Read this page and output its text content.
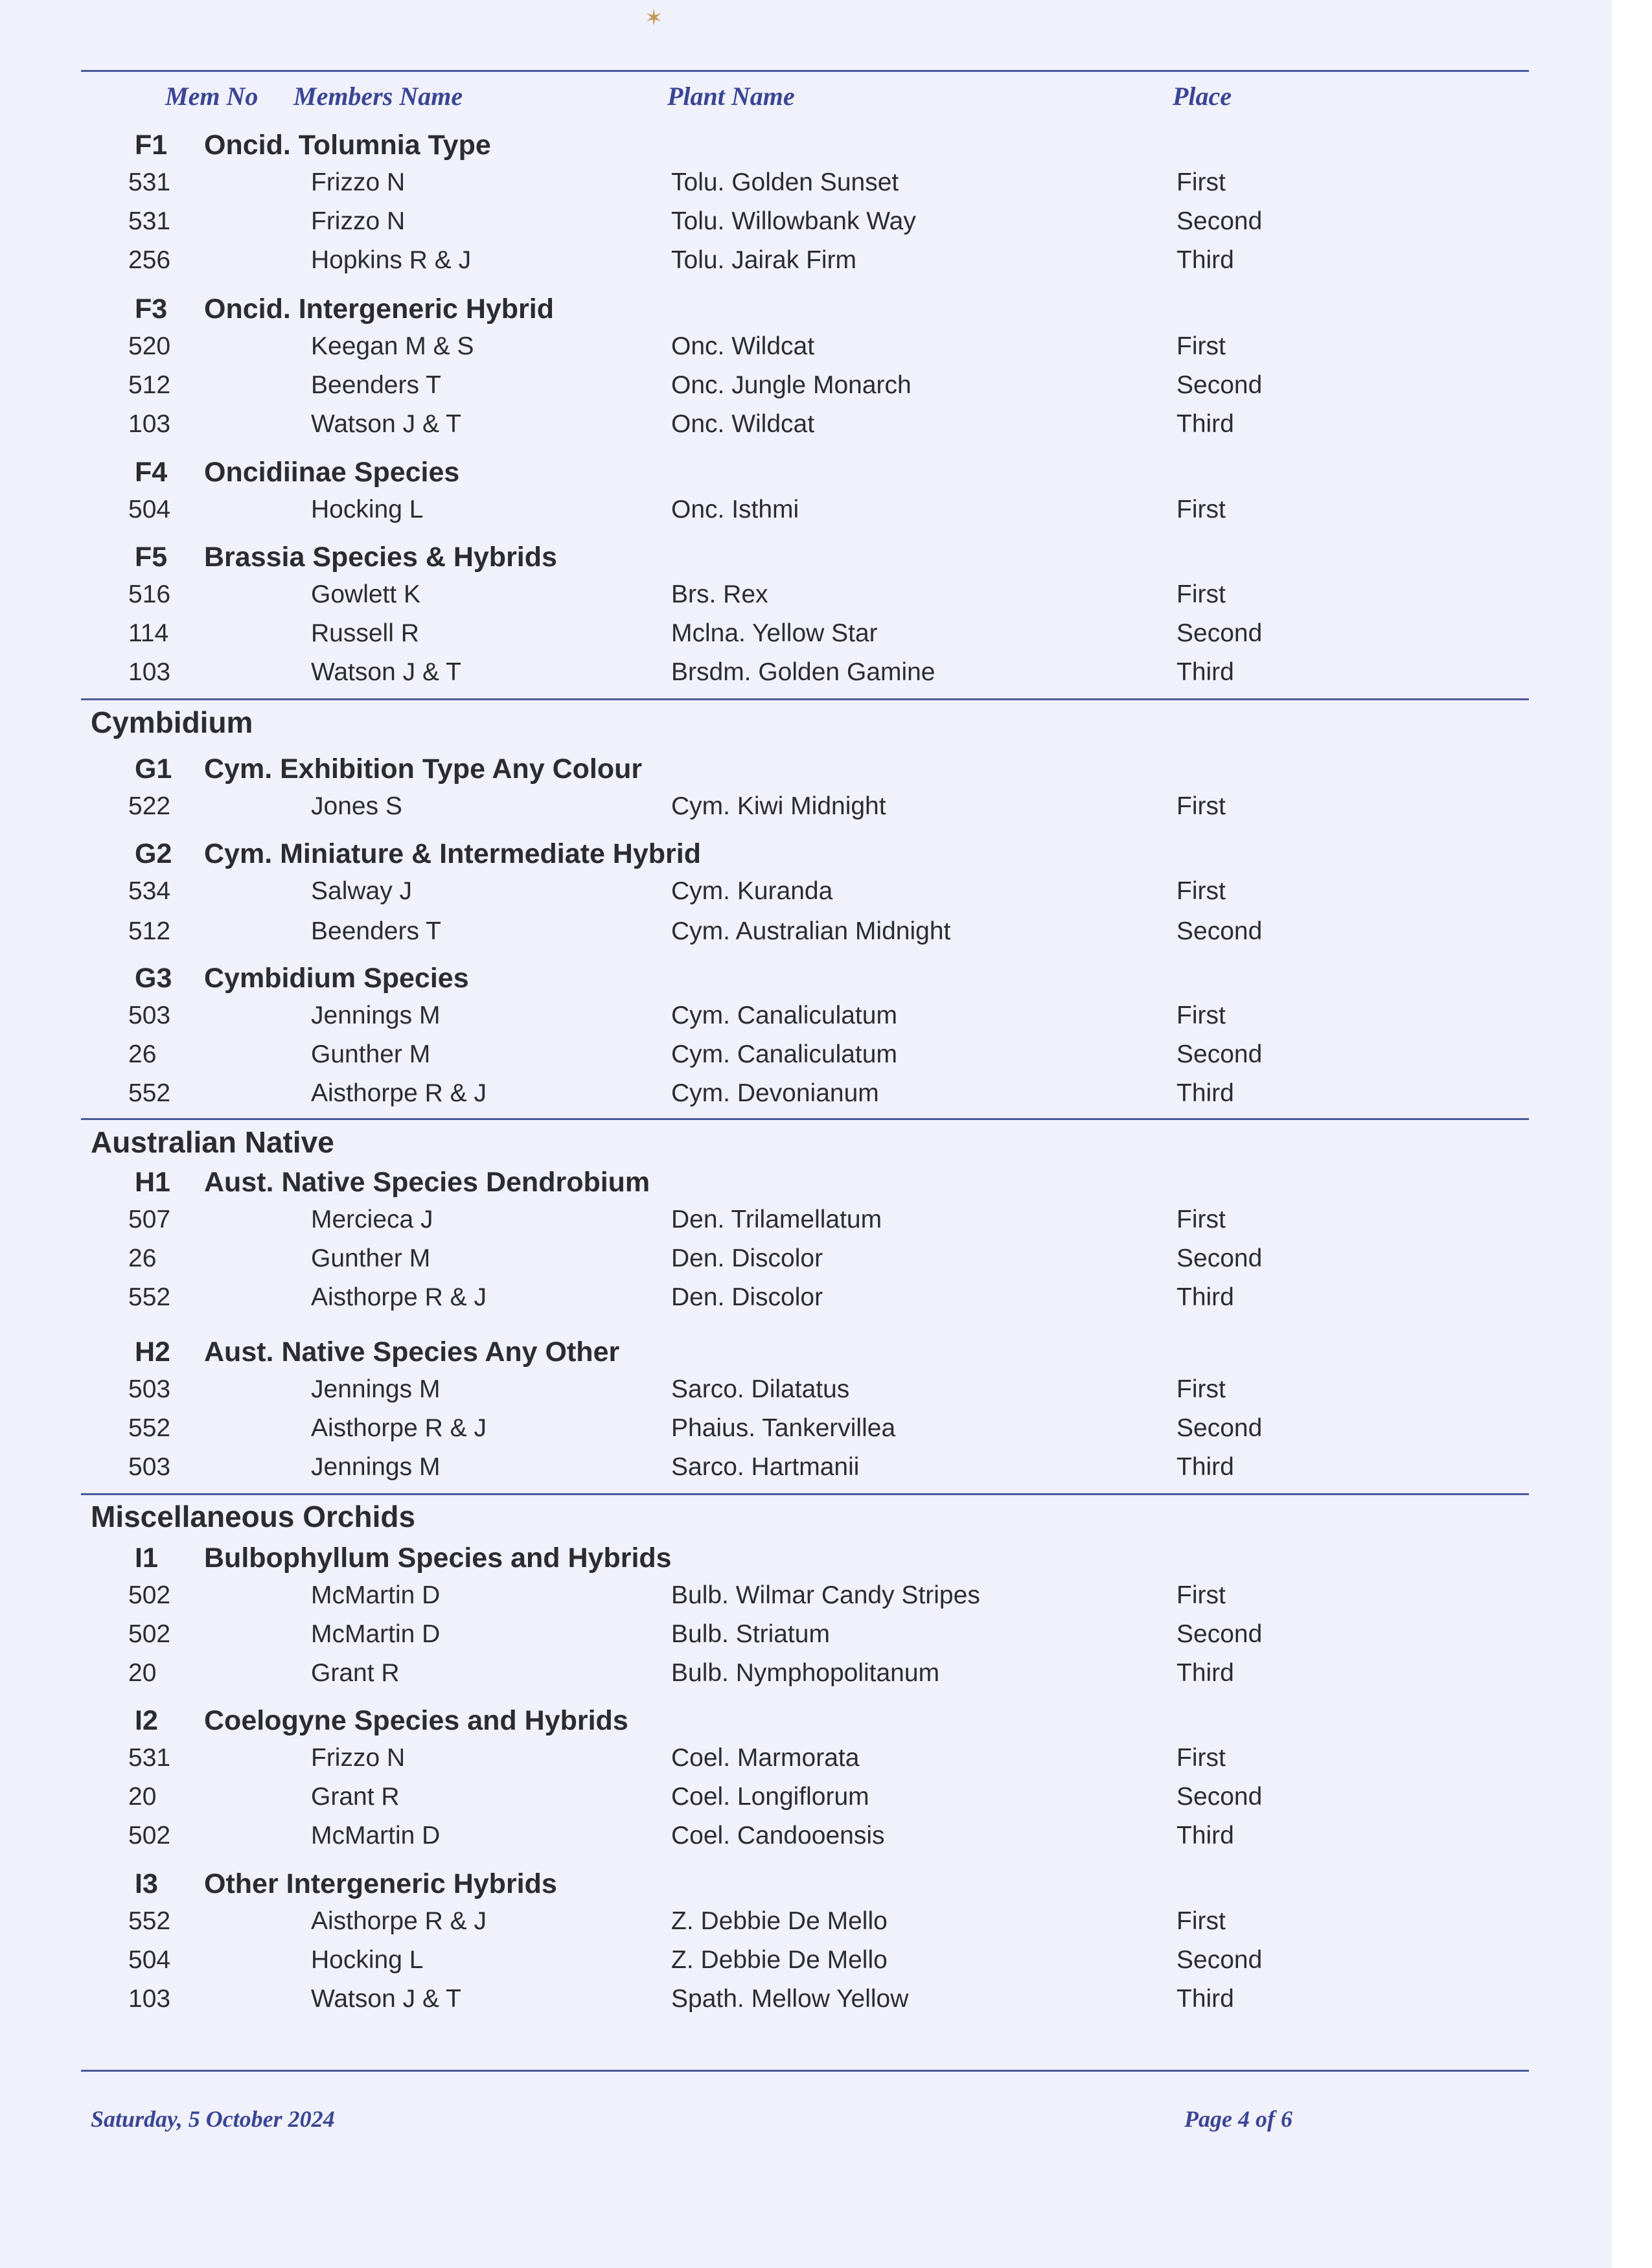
✶
Mem No Members Name	Plant Name	Place
F1 Oncid. Tolumnia Type
531	Frizzo N	Tolu. Golden Sunset	First
531	Frizzo N	Tolu. Willowbank Way	Second
256	Hopkins R & J	Tolu. Jairak Firm	Third
F3 Oncid. Intergeneric Hybrid
520	Keegan M & S	Onc. Wildcat	First
512	Beenders T	Onc. Jungle Monarch	Second
103	Watson J & T	Onc. Wildcat	Third
F4 Oncidiinae Species
504	Hocking L	Onc. Isthmi	First
F5 Brassia Species & Hybrids
516	Gowlett K	Brs. Rex	First
114	Russell R	Mclna. Yellow Star	Second
103	Watson J & T	Brsdm. Golden Gamine	Third
Cymbidium
G1 Cym. Exhibition Type Any Colour
522	Jones S	Cym. Kiwi Midnight	First
G2 Cym. Miniature & Intermediate Hybrid
534	Salway J	Cym. Kuranda	First
512	Beenders T	Cym. Australian Midnight	Second
G3 Cymbidium Species
503	Jennings M	Cym. Canaliculatum	First
26	Gunther M	Cym. Canaliculatum	Second
552	Aisthorpe R & J	Cym. Devonianum	Third
Australian Native
H1 Aust. Native Species Dendrobium
507	Mercieca J	Den. Trilamellatum	First
26	Gunther M	Den. Discolor	Second
552	Aisthorpe R & J	Den. Discolor	Third
H2 Aust. Native Species Any Other
503	Jennings M	Sarco. Dilatatus	First
552	Aisthorpe R & J	Phaius. Tankervillea	Second
503	Jennings M	Sarco. Hartmanii	Third
Miscellaneous Orchids
I1 Bulbophyllum Species and Hybrids
502	McMartin D	Bulb. Wilmar Candy Stripes	First
502	McMartin D	Bulb. Striatum	Second
20	Grant R	Bulb. Nymphopolitanum	Third
I2 Coelogyne Species and Hybrids
531	Frizzo N	Coel. Marmorata	First
20	Grant R	Coel. Longiflorum	Second
502	McMartin D	Coel. Candooensis	Third
I3 Other Intergeneric Hybrids
552	Aisthorpe R & J	Z. Debbie De Mello	First
504	Hocking L	Z. Debbie De Mello	Second
103	Watson J & T	Spath. Mellow Yellow	Third
Saturday, 5 October 2024	Page 4 of 6
